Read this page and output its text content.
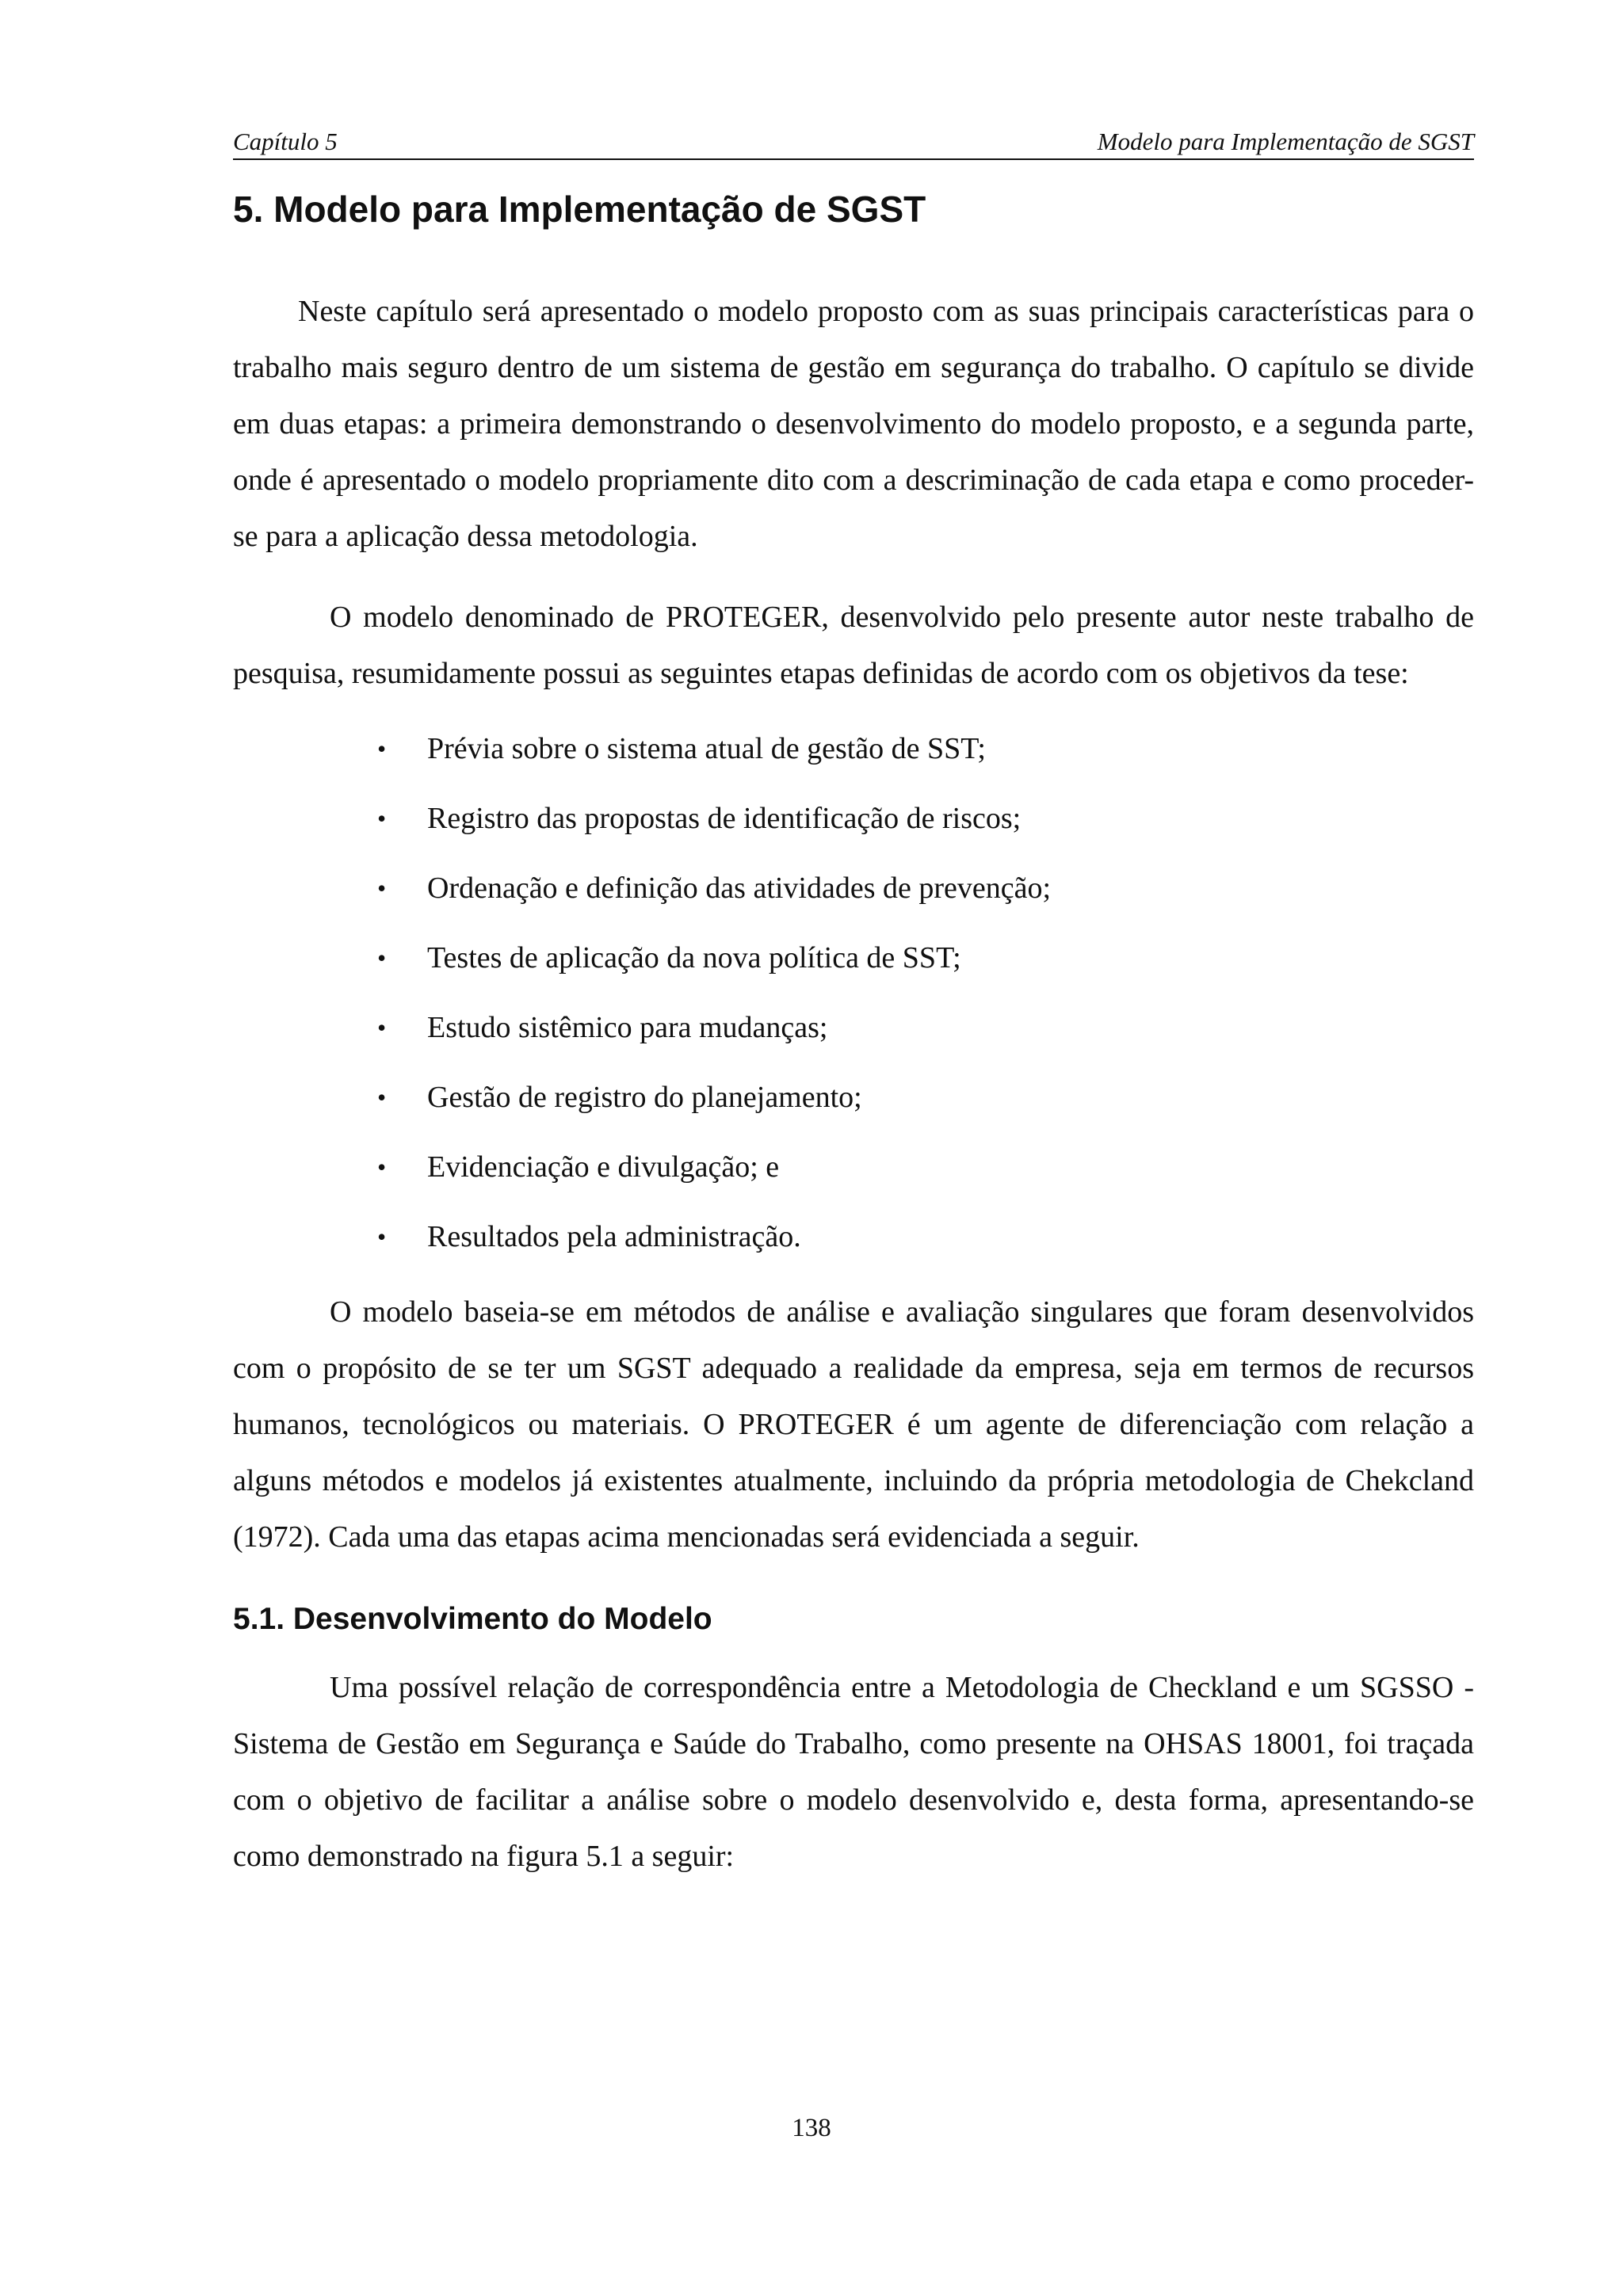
Capítulo 5	Modelo para Implementação de SGST
5. Modelo para Implementação de SGST

Neste capítulo será apresentado o modelo proposto com as suas principais características para o trabalho mais seguro dentro de um sistema de gestão em segurança do trabalho. O capítulo se divide em duas etapas: a primeira demonstrando o desenvolvimento do modelo proposto, e a segunda parte, onde é apresentado o modelo propriamente dito com a descriminação de cada etapa e como proceder-se para a aplicação dessa metodologia.

O modelo denominado de PROTEGER, desenvolvido pelo presente autor neste trabalho de pesquisa, resumidamente possui as seguintes etapas definidas de acordo com os objetivos da tese:

• Prévia sobre o sistema atual de gestão de SST;
• Registro das propostas de identificação de riscos;
• Ordenação e definição das atividades de prevenção;
• Testes de aplicação da nova política de SST;
• Estudo sistêmico para mudanças;
• Gestão de registro do planejamento;
• Evidenciação e divulgação; e
• Resultados pela administração.

O modelo baseia-se em métodos de análise e avaliação singulares que foram desenvolvidos com o propósito de se ter um SGST adequado a realidade da empresa, seja em termos de recursos humanos, tecnológicos ou materiais. O PROTEGER é um agente de diferenciação com relação a alguns métodos e modelos já existentes atualmente, incluindo da própria metodologia de Chekcland (1972). Cada uma das etapas acima mencionadas será evidenciada a seguir.

5.1. Desenvolvimento do Modelo

Uma possível relação de correspondência entre a Metodologia de Checkland e um SGSSO - Sistema de Gestão em Segurança e Saúde do Trabalho, como presente na OHSAS 18001, foi traçada com o objetivo de facilitar a análise sobre o modelo desenvolvido e, desta forma, apresentando-se como demonstrado na figura 5.1 a seguir:

138
